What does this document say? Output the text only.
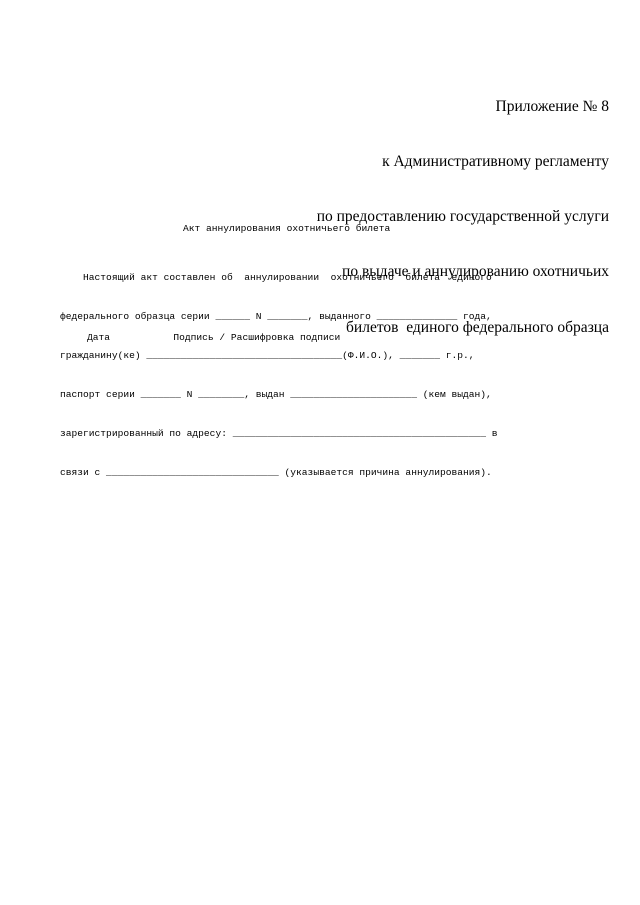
Приложение № 8

к Административному регламенту

по предоставлению государственной услуги

по выдаче и аннулированию охотничьих

билетов  единого федерального образца

Акт аннулирования охотничьего билета

Настоящий акт составлен об  аннулировании  охотничьего  билета  единого

федерального образца серии ______ N _______, выданного ______________ года,

гражданину(ке) __________________________________(Ф.И.О.), _______ г.р.,

паспорт серии _______ N ________, выдан ______________________ (кем выдан),

зарегистрированный по адресу: ____________________________________________ в

связи с ______________________________ (указывается причина аннулирования).

Дата           Подпись / Расшифровка подписи
